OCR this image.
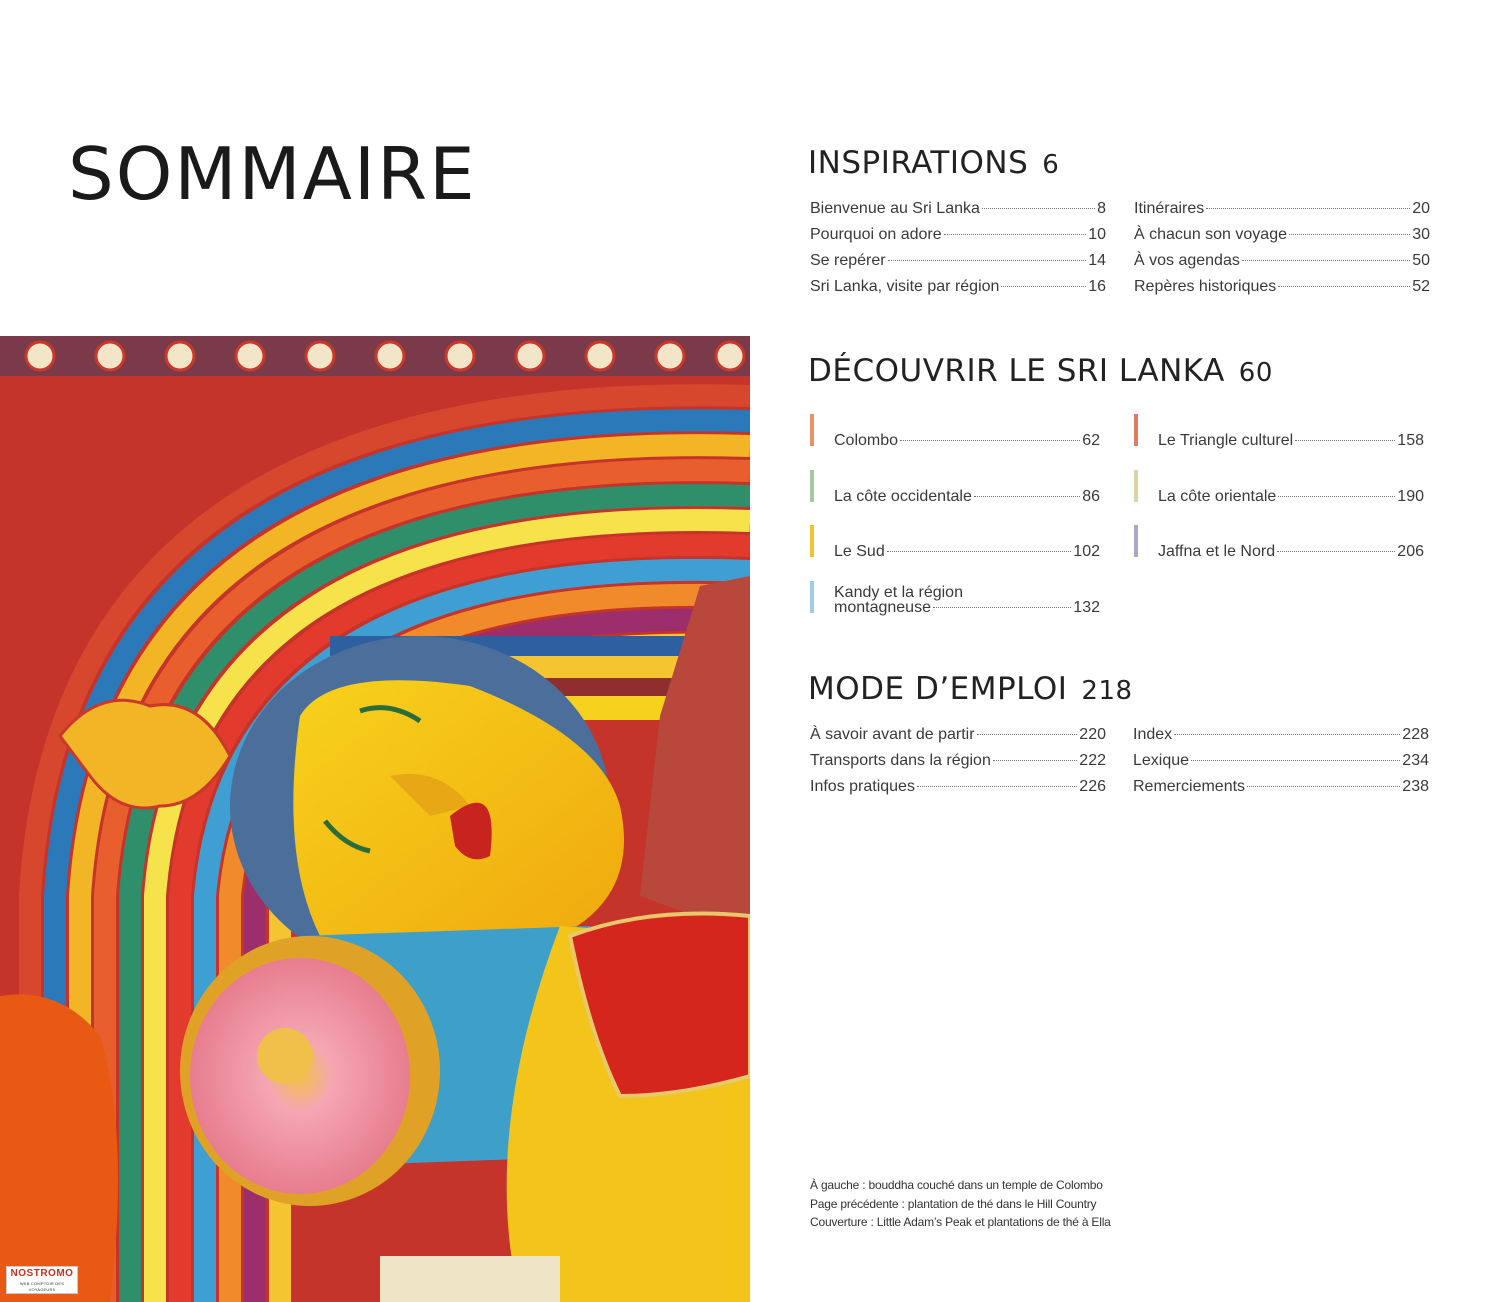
SOMMAIRE
NOSTROMO
WEB COMPTOIR DES VOYAGEURS
INSPIRATIONS 6
Bienvenue au Sri Lanka	8
Pourquoi on adore	10
Se repérer	14
Sri Lanka, visite par région	16
Itinéraires	20
À chacun son voyage	30
À vos agendas	50
Repères historiques	52
DÉCOUVRIR LE SRI LANKA 60
Colombo	62
La côte occidentale	86
Le Sud	102
Kandy et la région
montagneuse	132
Le Triangle culturel	158
La côte orientale	190
Jaffna et le Nord	206
MODE D’EMPLOI 218
À savoir avant de partir	220
Transports dans la région	222
Infos pratiques	226
Index	228
Lexique	234
Remerciements	238
À gauche : bouddha couché dans un temple de Colombo
Page précédente : plantation de thé dans le Hill Country
Couverture : Little Adam’s Peak et plantations de thé à Ella
